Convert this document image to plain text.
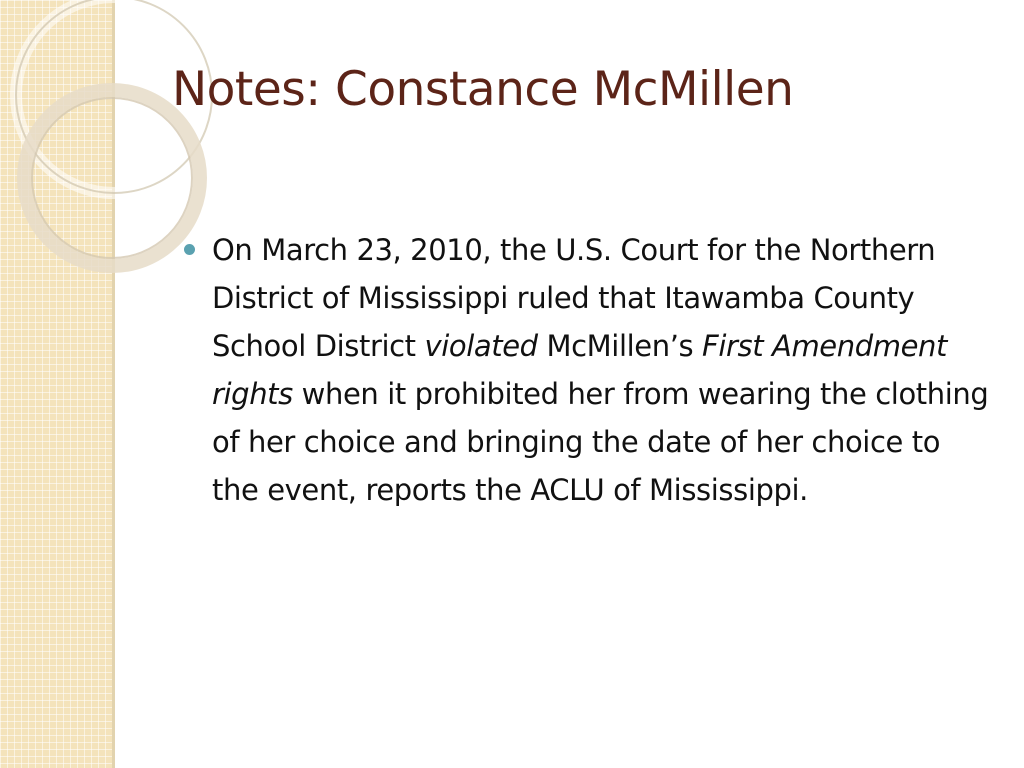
Notes: Constance McMillen
On March 23, 2010, the U.S. Court for the Northern District of Mississippi ruled that Itawamba County School District violated McMillen’s First Amendment rights when it prohibited her from wearing the clothing of her choice and bringing the date of her choice to the event, reports the ACLU of Mississippi.
